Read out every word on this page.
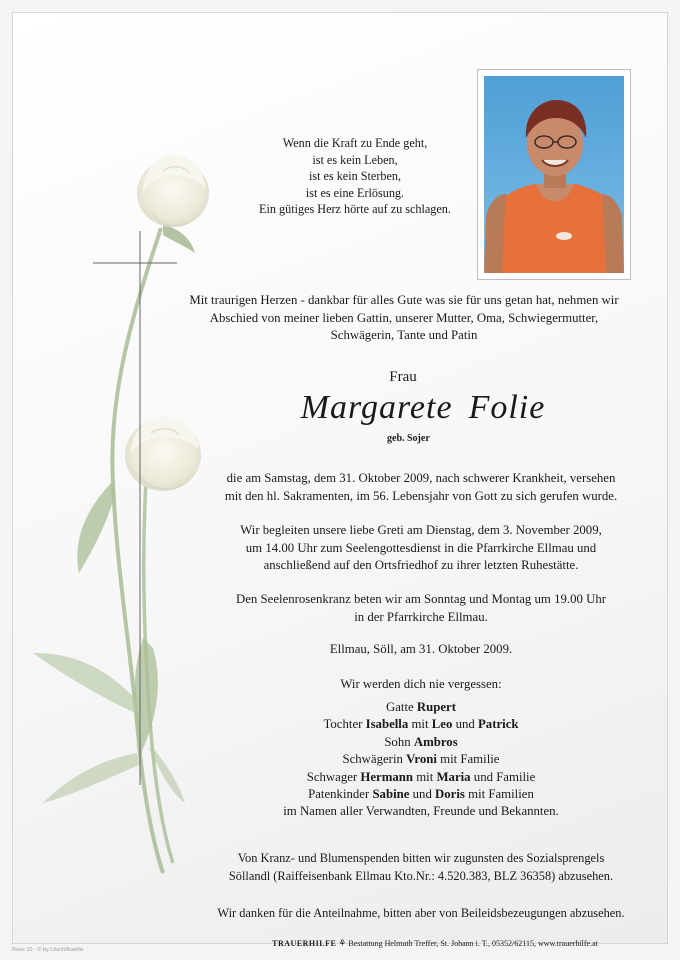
Wenn die Kraft zu Ende geht,
ist es kein Leben,
ist es kein Sterben,
ist es eine Erlösung.
Ein gütiges Herz hörte auf zu schlagen.
Mit traurigen Herzen - dankbar für alles Gute was sie für uns getan hat, nehmen wir
Abschied von meiner lieben Gattin, unserer Mutter, Oma, Schwiegermutter,
Schwägerin, Tante und Patin
Frau
Margarete Folie
geb. Sojer
die am Samstag, dem 31. Oktober 2009, nach schwerer Krankheit, versehen
mit den hl. Sakramenten, im 56. Lebensjahr von Gott zu sich gerufen wurde.
Wir begleiten unsere liebe Greti am Dienstag, dem 3. November 2009,
um 14.00 Uhr zum Seelengottesdienst in die Pfarrkirche Ellmau und
anschließend auf den Ortsfriedhof zu ihrer letzten Ruhestätte.
Den Seelenrosenkranz beten wir am Sonntag und Montag um 19.00 Uhr
in der Pfarrkirche Ellmau.
Ellmau, Söll, am 31. Oktober 2009.
Wir werden dich nie vergessen:
Gatte Rupert
Tochter Isabella mit Leo und Patrick
Sohn Ambros
Schwägerin Vroni mit Familie
Schwager Hermann mit Maria und Familie
Patenkinder Sabine und Doris mit Familien
im Namen aller Verwandten, Freunde und Bekannten.
Von Kranz- und Blumenspenden bitten wir zugunsten des Sozialsprengels
Söllandl (Raiffeisenbank Ellmau Kto.Nr.: 4.520.383, BLZ 36358) abzusehen.
Wir danken für die Anteilnahme, bitten aber von Beileidsbezeugungen abzusehen.
TRAUERHILFE ⚘ Bestattung Helmuth Treffer, St. Johann i. T., 05352/62115, www.trauerhilfe.at
Rose 10 - © by Lösch/Koehle
